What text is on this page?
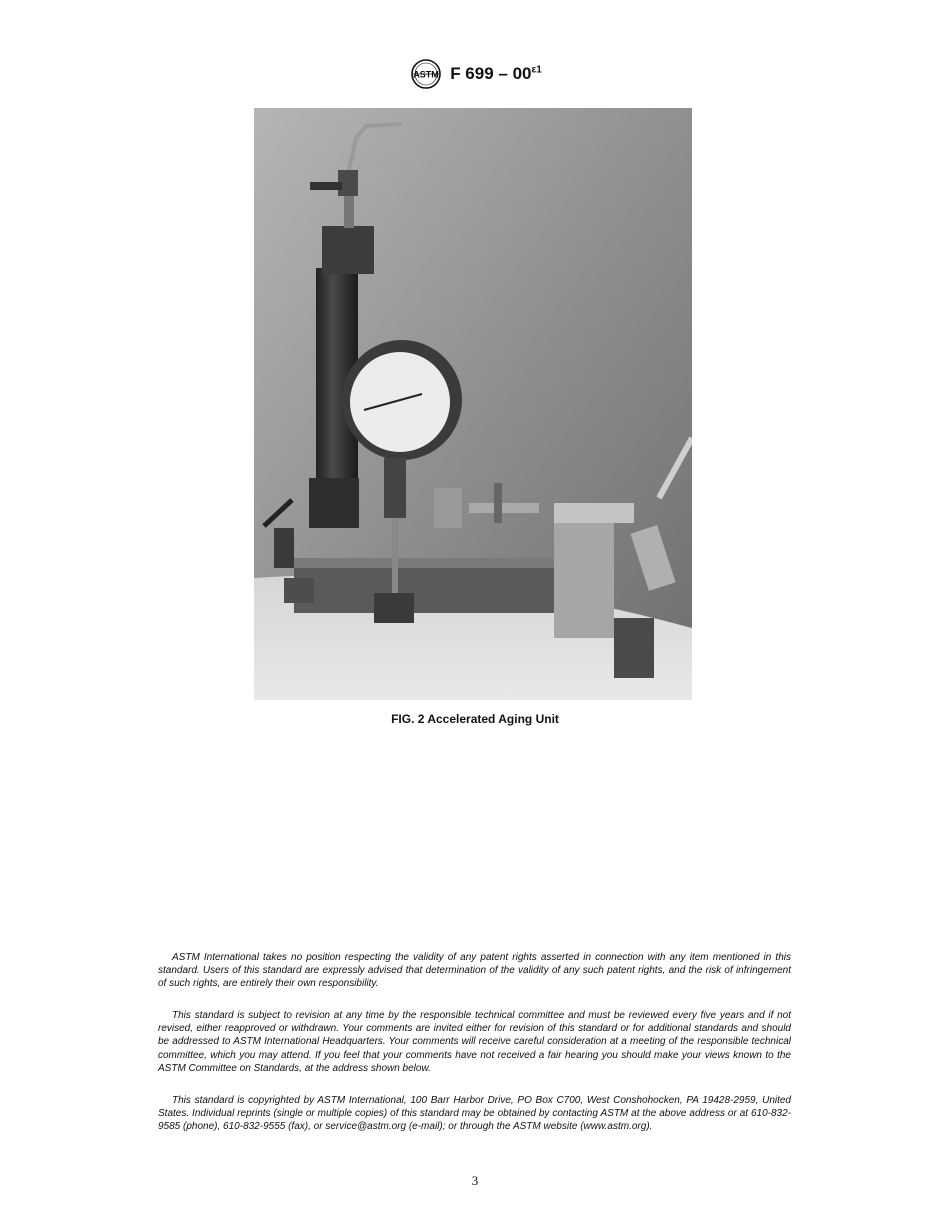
ASTM F $699 - 00^{\varepsilon 1}$
FIG. 2 Accelerated Aging Unit

ASTM International takes no position respecting the validity of any patent rights asserted in connection with any item mentioned in this standard. Users of this standard are expressly advised that determination of the validity of any such patent rights, and the risk of infringement of such rights, are entirely their own responsibility.

This standard is subject to revision at any time by the responsible technical committee and must be reviewed every five years and if not revised, either reapproved or withdrawn. Your comments are invited either for revision of this standard or for additional standards and should be addressed to ASTM International Headquarters. Your comments will receive careful consideration at a meeting of the responsible technical committee, which you may attend. If you feel that your comments have not received a fair hearing you should make your views known to the ASTM Committee on Standards, at the address shown below.

This standard is copyrighted by ASTM International, 100 Barr Harbor Drive, PO Box C700, West Conshohocken, PA 19428-2959, United States. Individual reprints (single or multiple copies) of this standard may be obtained by contacting ASTM at the above address or at 610-832-9585 (phone), 610-832-9555 (fax), or service@astm.org (e-mail); or through the ASTM website (www.astm.org).

3
